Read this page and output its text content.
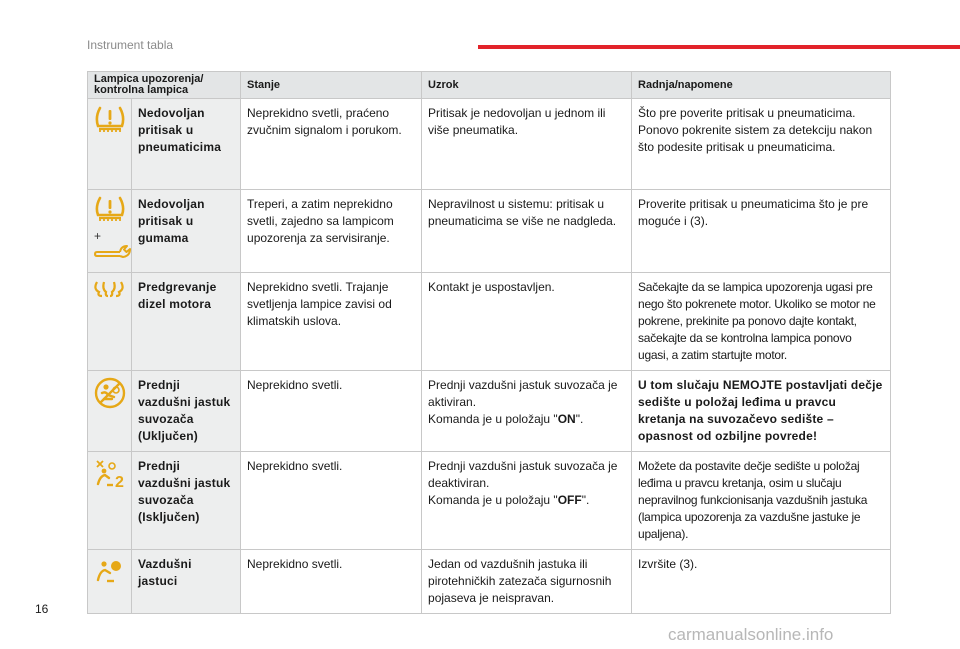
Instrument tabla
Lampica upozorenja/ kontrolna lampica		Stanje	Uzrok	Radnja/napomene

	Nedovoljan pritisak u pneumaticima	Neprekidno svetli, praćeno zvučnim signalom i porukom.	Pritisak je nedovoljan u jednom ili više pneumatika.	Što pre poverite pritisak u pneumaticima. Ponovo pokrenite sistem za detekciju nakon što podesite pritisak u pneumaticima.

+	Nedovoljan pritisak u gumama	Treperi, a zatim neprekidno svetli, zajedno sa lampicom upozorenja za servisiranje.	Nepravilnost u sistemu: pritisak u pneumaticima se više ne nadgleda.	Proverite pritisak u pneumaticima što je pre moguće i (3).

	Predgrevanje dizel motora	Neprekidno svetli. Trajanje svetljenja lampice zavisi od klimatskih uslova.	Kontakt je uspostavljen.	Sačekajte da se lampica upozorenja ugasi pre nego što pokrenete motor. Ukoliko se motor ne pokrene, prekinite pa ponovo dajte kontakt, sačekajte da se kontrolna lampica ponovo ugasi, a zatim startujte motor.

	Prednji vazdušni jastuk suvozača (Uključen)	Neprekidno svetli.	Prednji vazdušni jastuk suvozača je aktiviran.
Komanda je u položaju "ON".	U tom slučaju NEMOJTE postavljati dečje sedište u položaj leđima u pravcu kretanja na suvozačevo sedište – opasnost od ozbiljne povrede!

2	Prednji vazdušni jastuk suvozača (Isključen)	Neprekidno svetli.	Prednji vazdušni jastuk suvozača je deaktiviran.
Komanda je u položaju "OFF".	Možete da postavite dečje sedište u položaj leđima u pravcu kretanja, osim u slučaju nepravilnog funkcionisanja vazdušnih jastuka (lampica upozorenja za vazdušne jastuke je upaljena).

	Vazdušni jastuci	Neprekidno svetli.	Jedan od vazdušnih jastuka ili pirotehničkih zatezača sigurnosnih pojaseva je neispravan.	Izvršite (3).
16
carmanualsonline.info
